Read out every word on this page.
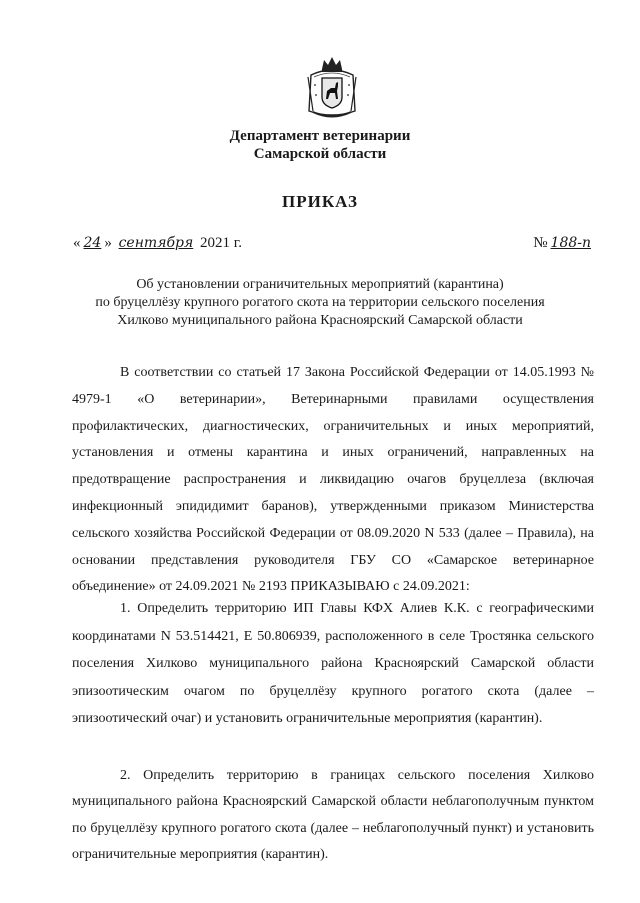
Департамент ветеринарии
Самарской области
ПРИКАЗ
« 24 » сентября 2021 г.	№ 188-п
Об установлении ограничительных мероприятий (карантина)
по бруцеллёзу крупного рогатого скота на территории сельского поселения
Хилково муниципального района Красноярский Самарской области
В соответствии со статьей 17 Закона Российской Федерации от 14.05.1993 № 4979-1 «О ветеринарии», Ветеринарными правилами осуществления профилактических, диагностических, ограничительных и иных мероприятий, установления и отмены карантина и иных ограничений, направленных на предотвращение распространения и ликвидацию очагов бруцеллеза (включая инфекционный эпидидимит баранов), утвержденными приказом Министерства сельского хозяйства Российской Федерации от 08.09.2020 N 533 (далее – Правила), на основании представления руководителя ГБУ СО «Самарское ветеринарное объединение» от 24.09.2021 № 2193 ПРИКАЗЫВАЮ с 24.09.2021:
1. Определить территорию ИП Главы КФХ Алиев К.К. с географическими координатами N 53.514421, E 50.806939, расположенного в селе Тростянка сельского поселения Хилково муниципального района Красноярский Самарской области эпизоотическим очагом по бруцеллёзу крупного рогатого скота (далее – эпизоотический очаг) и установить ограничительные мероприятия (карантин).
2. Определить территорию в границах сельского поселения Хилково муниципального района Красноярский Самарской области неблагополучным пунктом по бруцеллёзу крупного рогатого скота (далее – неблагополучный пункт) и установить ограничительные мероприятия (карантин).
